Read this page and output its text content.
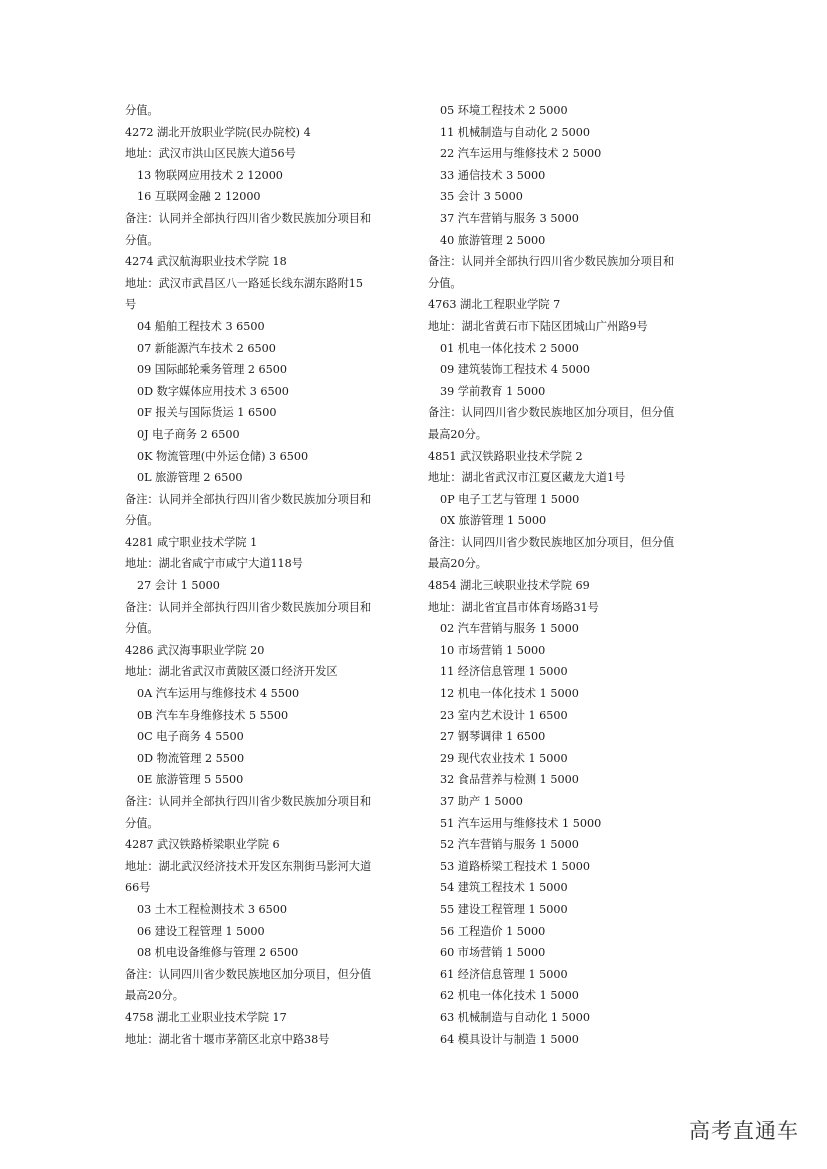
分值。
4272 湖北开放职业学院(民办院校) 4
地址：武汉市洪山区民族大道56号
13 物联网应用技术 2 12000
16 互联网金融 2 12000
备注：认同并全部执行四川省少数民族加分项目和
分值。
4274 武汉航海职业技术学院 18
地址：武汉市武昌区八一路延长线东湖东路附15
号
04 船舶工程技术 3 6500
07 新能源汽车技术 2 6500
09 国际邮轮乘务管理 2 6500
0D 数字媒体应用技术 3 6500
0F 报关与国际货运 1 6500
0J 电子商务 2 6500
0K 物流管理(中外运仓储) 3 6500
0L 旅游管理 2 6500
备注：认同并全部执行四川省少数民族加分项目和
分值。
4281 咸宁职业技术学院 1
地址：湖北省咸宁市咸宁大道118号
27 会计 1 5000
备注：认同并全部执行四川省少数民族加分项目和
分值。
4286 武汉海事职业学院 20
地址：湖北省武汉市黄陂区滠口经济开发区
0A 汽车运用与维修技术 4 5500
0B 汽车车身维修技术 5 5500
0C 电子商务 4 5500
0D 物流管理 2 5500
0E 旅游管理 5 5500
备注：认同并全部执行四川省少数民族加分项目和
分值。
4287 武汉铁路桥梁职业学院 6
地址：湖北武汉经济技术开发区东荆街马影河大道
66号
03 土木工程检测技术 3 6500
06 建设工程管理 1 5000
08 机电设备维修与管理 2 6500
备注：认同四川省少数民族地区加分项目，但分值
最高20分。
4758 湖北工业职业技术学院 17
地址：湖北省十堰市茅箭区北京中路38号
05 环境工程技术 2 5000
11 机械制造与自动化 2 5000
22 汽车运用与维修技术 2 5000
33 通信技术 3 5000
35 会计 3 5000
37 汽车营销与服务 3 5000
40 旅游管理 2 5000
备注：认同并全部执行四川省少数民族加分项目和
分值。
4763 湖北工程职业学院 7
地址：湖北省黄石市下陆区团城山广州路9号
01 机电一体化技术 2 5000
09 建筑装饰工程技术 4 5000
39 学前教育 1 5000
备注：认同四川省少数民族地区加分项目，但分值
最高20分。
4851 武汉铁路职业技术学院 2
地址：湖北省武汉市江夏区藏龙大道1号
0P 电子工艺与管理 1 5000
0X 旅游管理 1 5000
备注：认同四川省少数民族地区加分项目，但分值
最高20分。
4854 湖北三峡职业技术学院 69
地址：湖北省宜昌市体育场路31号
02 汽车营销与服务 1 5000
10 市场营销 1 5000
11 经济信息管理 1 5000
12 机电一体化技术 1 5000
23 室内艺术设计 1 6500
27 钢琴调律 1 6500
29 现代农业技术 1 5000
32 食品营养与检测 1 5000
37 助产 1 5000
51 汽车运用与维修技术 1 5000
52 汽车营销与服务 1 5000
53 道路桥梁工程技术 1 5000
54 建筑工程技术 1 5000
55 建设工程管理 1 5000
56 工程造价 1 5000
60 市场营销 1 5000
61 经济信息管理 1 5000
62 机电一体化技术 1 5000
63 机械制造与自动化 1 5000
64 模具设计与制造 1 5000
高考直通车
